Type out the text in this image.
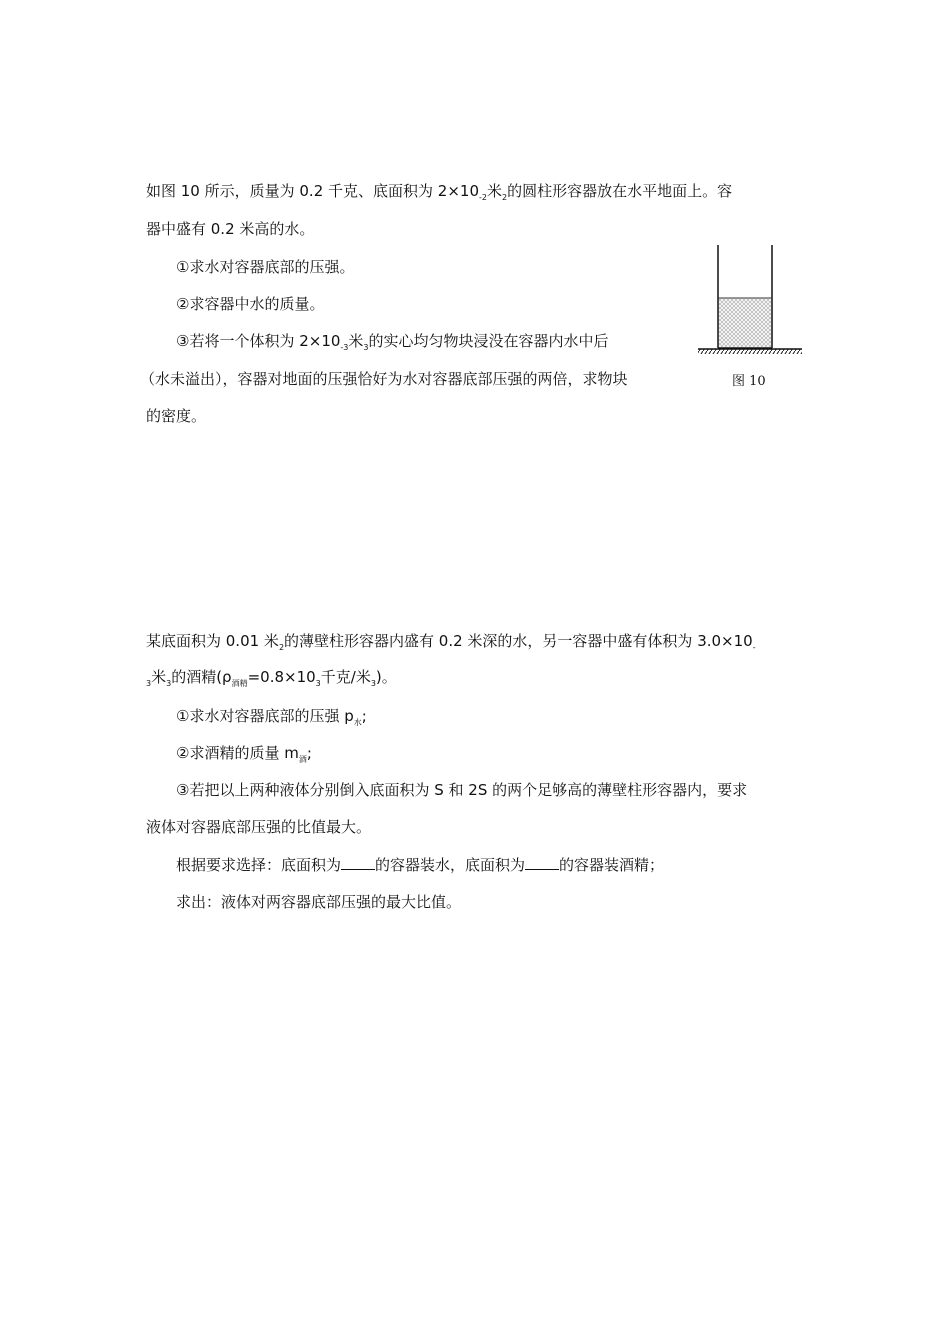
如图 10 所示，质量为 0.2 千克、底面积为 $2\times 10_{-2}$米$_2$的圆柱形容器放在水平地面上。容
器中盛有 0.2 米高的水。
①求水对容器底部的压强。
②求容器中水的质量。
③若将一个体积为 $2\times 10_{-3}$米$_3$的实心均匀物块浸没在容器内水中后
（水未溢出），容器对地面的压强恰好为水对容器底部压强的两倍，求物块
的密度。
图 10
某底面积为 0.01 米$_2$的薄壁柱形容器内盛有 0.2 米深的水，另一容器中盛有体积为 $3.0\times 10_-$
$_3$米$_3$的酒精($\rho_{酒精}=0.8\times 10_3$千克/米$_3$)。
①求水对容器底部的压强 $p_水$;
②求酒精的质量 $m_酒$;
③若把以上两种液体分别倒入底面积为 S 和 2S 的两个足够高的薄壁柱形容器内，要求
液体对容器底部压强的比值最大。
根据要求选择：底面积为 的容器装水，底面积为 的容器装酒精；
求出：液体对两容器底部压强的最大比值。
